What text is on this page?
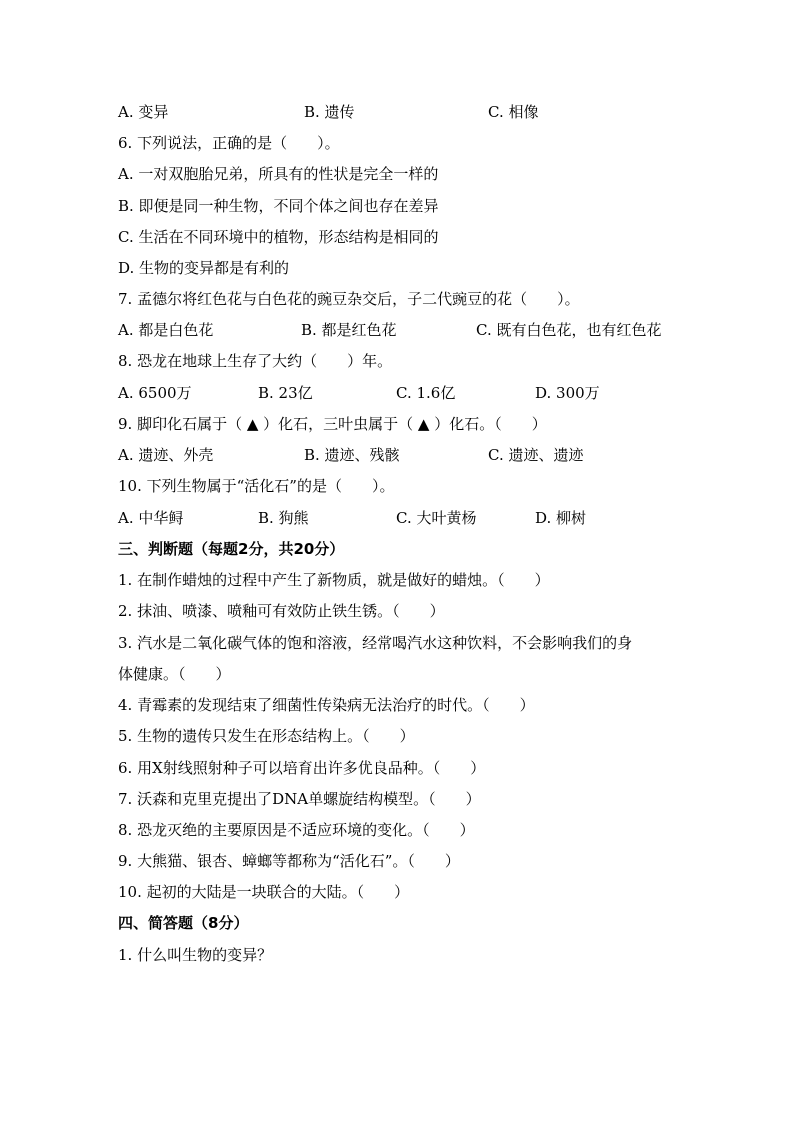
A. 变异	B. 遗传	C. 相像
6. 下列说法，正确的是（　　）。
A. 一对双胞胎兄弟，所具有的性状是完全一样的
B. 即便是同一种生物，不同个体之间也存在差异
C. 生活在不同环境中的植物，形态结构是相同的
D. 生物的变异都是有利的
7. 孟德尔将红色花与白色花的豌豆杂交后，子二代豌豆的花（　　）。
A. 都是白色花	B. 都是红色花	C. 既有白色花，也有红色花
8. 恐龙在地球上生存了大约（　　）年。
A. 6500万	B. 23亿	C. 1.6亿	D. 300万
9. 脚印化石属于（ ▲ ）化石，三叶虫属于（ ▲ ）化石。（　　）
A. 遗迹、外壳	B. 遗迹、残骸	C. 遗迹、遗迹
10. 下列生物属于“活化石”的是（　　）。
A. 中华鲟	B. 狗熊	C. 大叶黄杨	D. 柳树
三、判断题（每题2分，共20分）
1. 在制作蜡烛的过程中产生了新物质，就是做好的蜡烛。（　　）
2. 抹油、喷漆、喷釉可有效防止铁生锈。（　　）
3. 汽水是二氧化碳气体的饱和溶液，经常喝汽水这种饮料，不会影响我们的身
体健康。（　　）
4. 青霉素的发现结束了细菌性传染病无法治疗的时代。（　　）
5. 生物的遗传只发生在形态结构上。（　　）
6. 用X射线照射种子可以培育出许多优良品种。（　　）
7. 沃森和克里克提出了DNA单螺旋结构模型。（　　）
8. 恐龙灭绝的主要原因是不适应环境的变化。（　　）
9. 大熊猫、银杏、蟑螂等都称为“活化石”。（　　）
10. 起初的大陆是一块联合的大陆。（　　）
四、简答题（8分）
1. 什么叫生物的变异？
